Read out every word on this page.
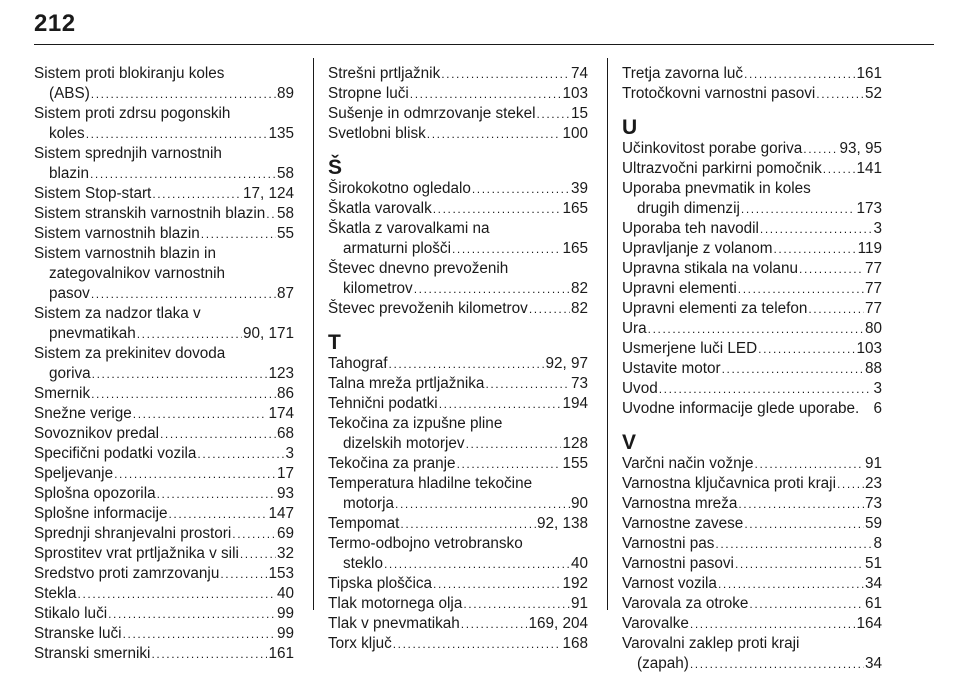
212
Sistem proti blokiranju koles
(ABS) .....	89
Sistem proti zdrsu pogonskih
koles .....	135
Sistem sprednjih varnostnih
blazin .....	58
Sistem Stop-start .....	17, 124
Sistem stranskih varnostnih blazin ..... 58
Sistem varnostnih blazin .....	55
Sistem varnostnih blazin in
zategovalnikov varnostnih
pasov .....	87
Sistem za nadzor tlaka v
pnevmatikah .....	90, 171
Sistem za prekinitev dovoda
goriva .....	123
Smernik .....	86
Snežne verige .....	174
Sovoznikov predal .....	68
Specifični podatki vozila .....	3
Speljevanje .....	17
Splošna opozorila .....	93
Splošne informacije .....	147
Sprednji shranjevalni prostori .....	69
Sprostitev vrat prtljažnika v sili ..... 32
Sredstvo proti zamrzovanju .....	153
Stekla .....	40
Stikalo luči .....	99
Stranske luči .....	99
Stranski smerniki .....	161
Strešni prtljažnik .....	74
Stropne luči .....	103
Sušenje in odmrzovanje stekel ..... 15
Svetlobni blisk .....	100
Š
Širokokotno ogledalo .....	39
Škatla varovalk .....	165
Škatla z varovalkami na
armaturni plošči .....	165
Števec dnevno prevoženih
kilometrov .....	82
Števec prevoženih kilometrov .....	82
T
Tahograf .....	92, 97
Talna mreža prtljažnika .....	73
Tehnični podatki .....	194
Tekočina za izpušne pline
dizelskih motorjev .....	128
Tekočina za pranje .....	155
Temperatura hladilne tekočine
motorja .....	90
Tempomat .....	92, 138
Termo-odbojno vetrobransko
steklo .....	40
Tipska ploščica .....	192
Tlak motornega olja .....	91
Tlak v pnevmatikah .....	169, 204
Torx ključ .....	168
Tretja zavorna luč .....	161
Trotočkovni varnostni pasovi .....	52
U
Učinkovitost porabe goriva ..... 93, 95
Ultrazvočni parkirni pomočnik ..... 141
Uporaba pnevmatik in koles
drugih dimenzij .....	173
Uporaba teh navodil .....	3
Upravljanje z volanom .....	119
Upravna stikala na volanu .....	77
Upravni elementi .....	77
Upravni elementi za telefon .....	77
Ura .....	80
Usmerjene luči LED .....	103
Ustavite motor .....	88
Uvod .....	3
Uvodne informacije glede uporabe. 6
V
Varčni način vožnje .....	91
Varnostna ključavnica proti kraji ..... 23
Varnostna mreža .....	73
Varnostne zavese .....	59
Varnostni pas .....	8
Varnostni pasovi .....	51
Varnost vozila .....	34
Varovala za otroke .....	61
Varovalke .....	164
Varovalni zaklep proti kraji
(zapah) .....	34
